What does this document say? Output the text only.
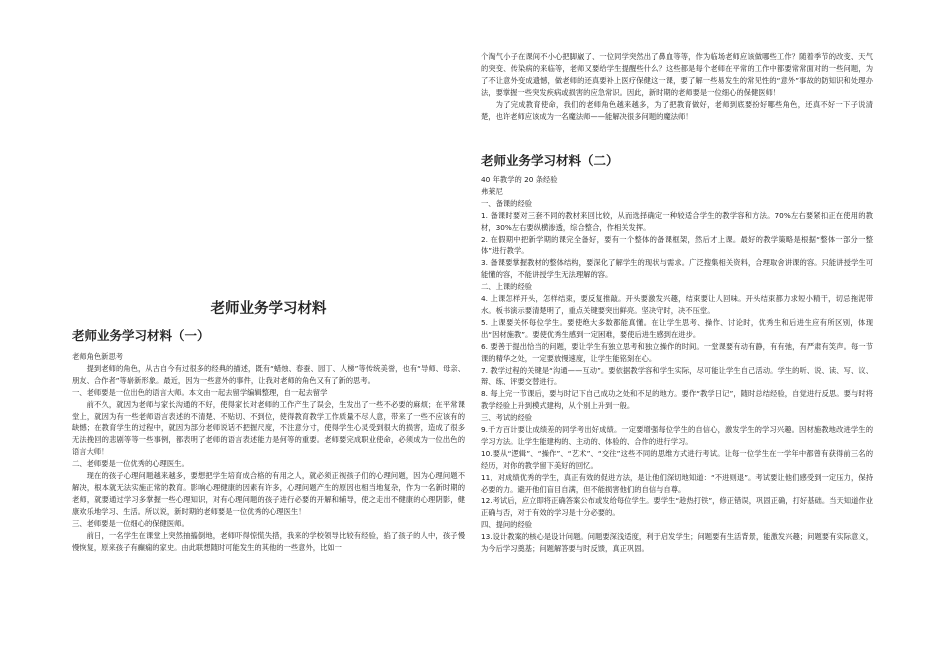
老师业务学习材料
老师业务学习材料（一）

老师角色新思考

提到老师的角色，从古自今有过很多的经典的描述，既有“蜡烛、春蚕、园丁、人梯”等传统美誉，也有“导师、母亲、朋友、合作者”等崭新形象。最近，因为一些意外的事件，让我对老师的角色又有了新的思考。

一、老师要是一位出色的语言大师。本文由一起去留学编辑整理，自一起去留学

前不久，就因为老师与家长沟通的不好，使得家长对老师的工作产生了误会，生发出了一些不必要的麻烦；在平常课堂上，就因为有一些老师语言表述的不清楚、不贴切、不到位，使得教育教学工作质量不尽人意，带来了一些不应该有的缺憾；在教育学生的过程中，就因为部分老师说话不把握尺度，不注意分寸，使得学生心灵受到很大的损害，造成了很多无法挽回的悲剧等等一些事例，都表明了老师的语言表述能力是何等的重要。老师要完成职业使命，必须成为一位出色的语言大师！

二、老师要是一位优秀的心理医生。

现在的孩子心理问题越来越多，要想把学生培育成合格的有用之人，就必须正视孩子们的心理问题，因为心理问题不解决，根本就无法实施正常的教育。影响心理健康的因素有许多，心理问题产生的原因也相当地复杂，作为一名新时期的老师，就要通过学习多掌握一些心理知识，对有心理问题的孩子进行必要的开解和辅导，使之走出不健康的心理阴影，健康欢乐地学习、生活。所以说，新时期的老师要是一位优秀的心理医生！

三、老师要是一位细心的保健医师。

前日，一名学生在课堂上突然抽搐倒地，老师吓得惊慌失措，我来的学校领导比较有经验，掐了孩子的人中，孩子慢慢恢复，原来孩子有癫痫的家史。由此联想随时可能发生的其他的一些意外，比如一

个淘气小子在课间不小心把脚崴了、一位同学突然出了鼻血等等，作为临场老师应该做哪些工作？随着季节的改变、天气的突变、传染病的来临等，老师又要给学生提醒些什么？这些都是每个老师在平常的工作中都要常常面对的一些问题，为了不让意外变成遗憾，做老师的还真要补上医疗保健这一课，要了解一些易发生的常见性的“意外”事故的防知识和处理办法，要掌握一些突发疾病或损害的应急常识。因此，新时期的老师要是一位细心的保健医师！

为了完成教育使命，我们的老师角色越来越多，为了把教育做好，老师到底要扮好哪些角色，还真不好一下子说清楚，也许老师应该成为一名魔法师——能解决很多问题的魔法师！

老师业务学习材料（二）

40 年教学的 20 条经验

弗莱尼

一、备课的经验

1. 备课时要对三套不同的教材来回比较，从而选择确定一种较适合学生的教学容和方法。70%左右要紧扣正在使用的教材，30%左右要纵横渗透，综合整合，作相关发挥。

2. 在假期中把新学期的课完全备好，要有一个整体的备课框架，然后才上课。最好的教学策略是根据“整体一部分一整体”进行教学。

3. 备课要掌握教材的整体结构，要深化了解学生的现状与需求。广泛搜集相关资料，合理取舍讲课的容。只能讲授学生可能懂的容，不能讲授学生无法理解的容。

二、上课的经验

4. 上课怎样开头，怎样结束，要反复推敲。开头要激发兴趣，结束要让人回味。开头结束都力求短小精干，切忌拖泥带水。板书演示要清楚明了，重点关键要突出鲜亮。坚决守时，决不压堂。

5. 上课要关怀每位学生。要使绝大多数都能真懂。在让学生思考、操作、讨论时，优秀生和后进生应有所区别，体现出“因材施教”。要使优秀生感到一定困难，要使后进生感到在进步。

6. 要善于提出恰当的问题，要让学生有独立思考和独立操作的时间。一堂课要有动有静，有有弛，有严肃有笑声。每一节课的精华之处，一定要放慢速度，让学生能铭刻在心。

7. 教学过程的关键是“沟通——互动”。要依据教学容和学生实际，尽可能让学生自己活动。学生的听、说、读、写、议、辩、练、评要交替进行。

8. 每上完一节课后，要与时记下自己成功之处和不足的地方。要作“教学日记”，随时总结经验，自觉进行反思。要与时将教学经验上升到模式建构，从个别上升到一般。

三、考试的经验

9.千方百计要让成绩差的同学考出好成绩。一定要增强每位学生的自信心，激发学生的学习兴趣。因材施教地改进学生的学习方法。让学生能建构的、主动的、体验的、合作的进行学习。

10.要从“逻辑”、“操作”、“艺术”、“交往”这些不同的思维方式进行考试。让每一位学生在一学年中都曾有获得前三名的经历，对你的教学留下美好的回忆。

11．对成绩优秀的学生，真正有效的促进方法，是让他们深切地知道：“不进则退”。考试要让他们感受到一定压力，保持必要的力。避开他们盲目自满，但不能损害他们的自信与自尊。

12.考试后，应立即将正确答案公布或发给每位学生。要学生“趁热打铁”，修正错误，巩固正确，打好基础。当天知道作业正确与否，对于有效的学习是十分必要的。

四、提问的经验

13.设计教案的核心是设计问题。问题要深浅适度，利于启发学生；问题要有生活背景，能激发兴趣；问题要有实际意义，为今后学习奠基；问题解答要与时反馈，真正巩固。
